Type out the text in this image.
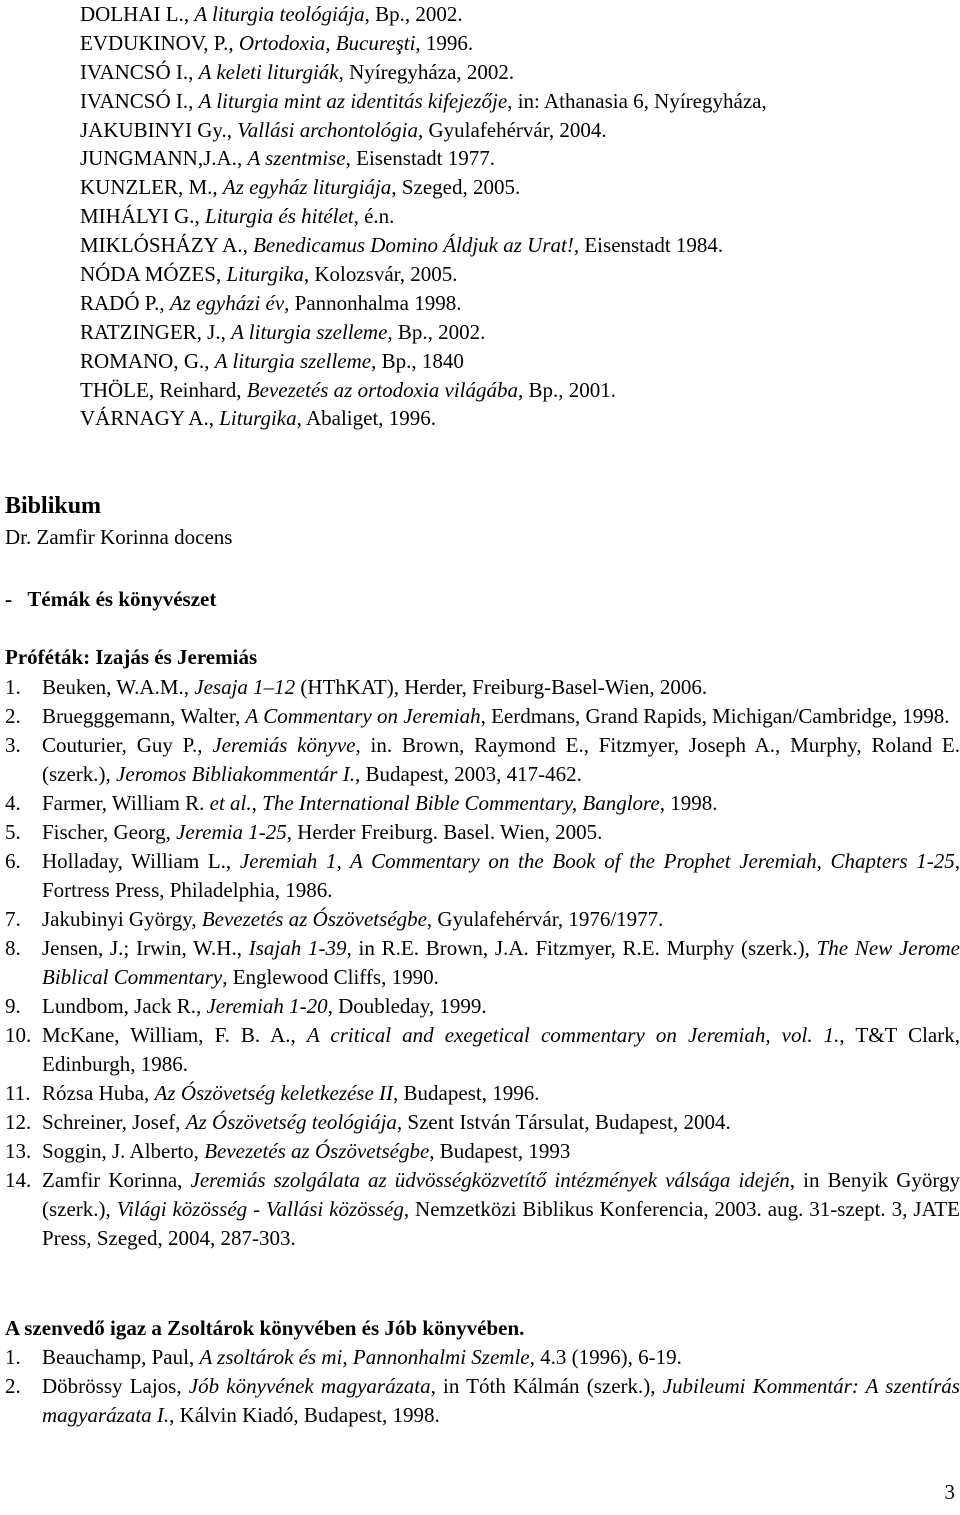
DOLHAI L., A liturgia teológiája, Bp., 2002.
EVDUKINOV, P., Ortodoxia, Bucureşti, 1996.
IVANCSÓ I., A keleti liturgiák, Nyíregyháza, 2002.
IVANCSÓ I., A liturgia mint az identitás kifejezője, in: Athanasia 6, Nyíregyháza,
JAKUBINYI Gy., Vallási archontológia, Gyulafehérvár, 2004.
JUNGMANN,J.A., A szentmise, Eisenstadt 1977.
KUNZLER, M., Az egyház liturgiája, Szeged, 2005.
MIHÁLYI G., Liturgia és hitélet, é.n.
MIKLÓSHÁZY A., Benedicamus Domino Áldjuk az Urat!, Eisenstadt 1984.
NÓDA MÓZES, Liturgika, Kolozsvár, 2005.
RADÓ P., Az egyházi év, Pannonhalma 1998.
RATZINGER, J., A liturgia szelleme, Bp., 2002.
ROMANO, G., A liturgia szelleme, Bp., 1840
THÖLE, Reinhard, Bevezetés az ortodoxia világába, Bp., 2001.
VÁRNAGY A., Liturgika, Abaliget, 1996.
Biblikum
Dr. Zamfir Korinna docens
-   Témák és könyvészet
Próféták: Izajás és Jeremiás
1. Beuken, W.A.M., Jesaja 1–12 (HThKAT), Herder, Freiburg-Basel-Wien, 2006.
2. Bruegggemann, Walter, A Commentary on Jeremiah, Eerdmans, Grand Rapids, Michigan/Cambridge, 1998.
3. Couturier, Guy P., Jeremiás könyve, in. Brown, Raymond E., Fitzmyer, Joseph A., Murphy, Roland E. (szerk.), Jeromos Bibliakommentár I., Budapest, 2003, 417-462.
4. Farmer, William R. et al., The International Bible Commentary, Banglore, 1998.
5. Fischer, Georg, Jeremia 1-25, Herder Freiburg. Basel. Wien, 2005.
6. Holladay, William L., Jeremiah 1, A Commentary on the Book of the Prophet Jeremiah, Chapters 1-25, Fortress Press, Philadelphia, 1986.
7. Jakubinyi György, Bevezetés az Ószövetségbe, Gyulafehérvár, 1976/1977.
8. Jensen, J.; Irwin, W.H., Isajah 1-39, in R.E. Brown, J.A. Fitzmyer, R.E. Murphy (szerk.), The New Jerome Biblical Commentary, Englewood Cliffs, 1990.
9. Lundbom, Jack R., Jeremiah 1-20, Doubleday, 1999.
10. McKane, William, F. B. A., A critical and exegetical commentary on Jeremiah, vol. 1., T&T Clark, Edinburgh, 1986.
11. Rózsa Huba, Az Ószövetség keletkezése II, Budapest, 1996.
12. Schreiner, Josef, Az Ószövetség teológiája, Szent István Társulat, Budapest, 2004.
13. Soggin, J. Alberto, Bevezetés az Ószövetségbe, Budapest, 1993
14. Zamfir Korinna, Jeremiás szolgálata az üdvösségközvetítő intézmények válsága idején, in Benyik György (szerk.), Világi közösség - Vallási közösség, Nemzetközi Biblikus Konferencia, 2003. aug. 31-szept. 3, JATE Press, Szeged, 2004, 287-303.
A szenvedő igaz a Zsoltárok könyvében és Jób könyvében.
1. Beauchamp, Paul, A zsoltárok és mi, Pannonhalmi Szemle, 4.3 (1996), 6-19.
2. Döbrössy Lajos, Jób könyvének magyarázata, in Tóth Kálmán (szerk.), Jubileumi Kommentár: A szentírás magyarázata I., Kálvin Kiadó, Budapest, 1998.
3
